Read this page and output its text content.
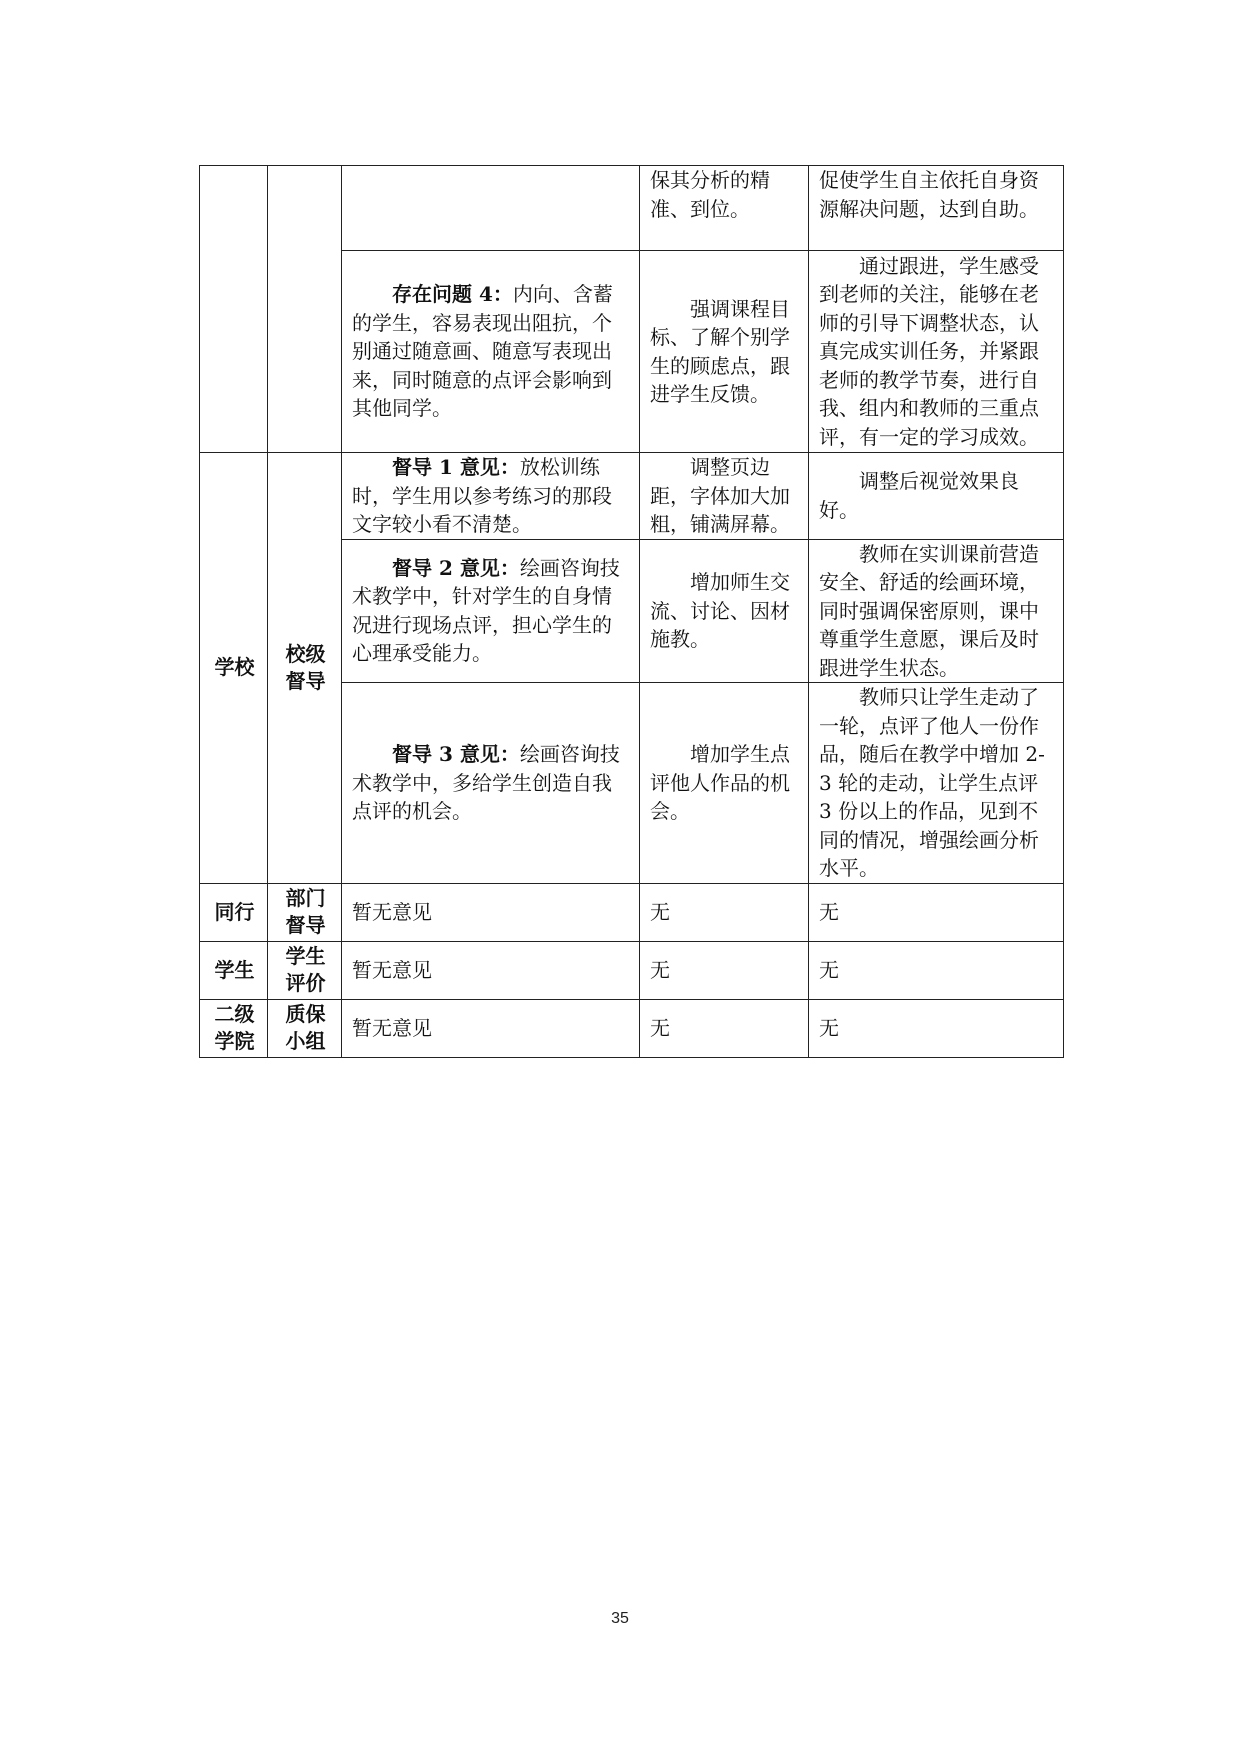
			保其分析的精准、到位。	促使学生自主依托自身资源解决问题，达到自助。
		存在问题 4：内向、含蓄的学生，容易表现出阻抗，个别通过随意画、随意写表现出来，同时随意的点评会影响到其他同学。	强调课程目标、了解个别学生的顾虑点，跟进学生反馈。	通过跟进，学生感受到老师的关注，能够在老师的引导下调整状态，认真完成实训任务，并紧跟老师的教学节奏，进行自我、组内和教师的三重点评，有一定的学习成效。
学校	校级督导	督导 1 意见：放松训练时，学生用以参考练习的那段文字较小看不清楚。	调整页边距，字体加大加粗，铺满屏幕。	调整后视觉效果良好。
		督导 2 意见：绘画咨询技术教学中，针对学生的自身情况进行现场点评，担心学生的心理承受能力。	增加师生交流、讨论、因材施教。	教师在实训课前营造安全、舒适的绘画环境，同时强调保密原则，课中尊重学生意愿，课后及时跟进学生状态。
		督导 3 意见：绘画咨询技术教学中，多给学生创造自我点评的机会。	增加学生点评他人作品的机会。	教师只让学生走动了一轮，点评了他人一份作品，随后在教学中增加 2-3 轮的走动，让学生点评 3 份以上的作品，见到不同的情况，增强绘画分析水平。
同行	部门督导	暂无意见	无	无
学生	学生评价	暂无意见	无	无
二级学院	质保小组	暂无意见	无	无
35
